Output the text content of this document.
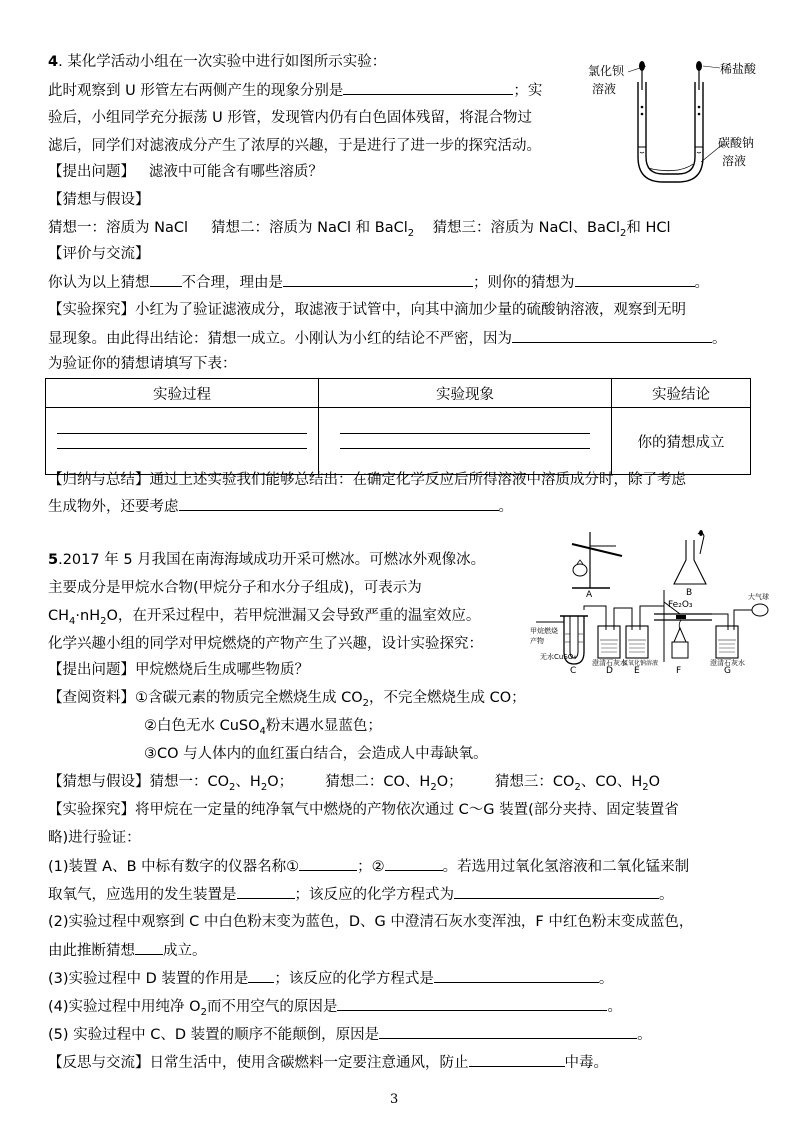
4. 某化学活动小组在一次实验中进行如图所示实验：
此时观察到 U 形管左右两侧产生的现象分别是	；实
验后，小组同学充分振荡 U 形管，发现管内仍有白色固体残留，将混合物过
滤后，同学们对滤液成分产生了浓厚的兴趣，于是进行了进一步的探究活动。
【提出问题】 滤液中可能含有哪些溶质？
【猜想与假设】
猜想一：溶质为 NaCl 猜想二：溶质为 NaCl 和 BaCl$_2$ 猜想三：溶质为 NaCl、BaCl$_2$和 HCl
【评价与交流】
你认为以上猜想 不合理，理由是	；则你的猜想为	。
【实验探究】小红为了验证滤液成分，取滤液于试管中，向其中滴加少量的硫酸钠溶液，观察到无明
显现象。由此得出结论：猜想一成立。小刚认为小红的结论不严密，因为	。
为验证你的猜想请填写下表：
实验过程	实验现象	实验结论

	你的猜想成立
【归纳与总结】通过上述实验我们能够总结出：在确定化学反应后所得溶液中溶质成分时，除了考虑
生成物外，还要考虑	。
氯化钡
溶液
稀盐酸
碳酸钠
溶液
5.2017 年 5 月我国在南海海域成功开采可燃冰。可燃冰外观像冰。
主要成分是甲烷水合物(甲烷分子和水分子组成)，可表示为
$CH_4\cdot nH_2O$，在开采过程中，若甲烷泄漏又会导致严重的温室效应。
化学兴趣小组的同学对甲烷燃烧的产物产生了兴趣，设计实验探究：
【提出问题】甲烷燃烧后生成哪些物质？
【查阅资料】①含碳元素的物质完全燃烧生成 $CO_2$，不完全燃烧生成 CO；
②白色无水 CuSO$_4$粉末遇水显蓝色；
③CO 与人体内的血红蛋白结合，会造成人中毒缺氧。
【猜想与假设】猜想一：$CO_2$、$H_2O$； 猜想二：CO、$H_2O$； 猜想三：$CO_2$、CO、$H_2O$
【实验探究】将甲烷在一定量的纯净氧气中燃烧的产物依次通过 C～G 装置(部分夹持、固定装置省
略)进行验证：
(1)装置 A、B 中标有数字的仪器名称①	；②	。若选用过氧化氢溶液和二氧化锰来制
取氧气，应选用的发生装置是	；该反应的化学方程式为	。
(2)实验过程中观察到 C 中白色粉末变为蓝色，D、G 中澄清石灰水变浑浊，F 中红色粉末变成蓝色，
由此推断猜想 成立。
(3)实验过程中 D 装置的作用是 ；该反应的化学方程式是	。
(4)实验过程中用纯净 $O_2$而不用空气的原因是	。
(5) 实验过程中 C、D 装置的顺序不能颠倒，原因是	。
【反思与交流】日常生活中，使用含碳燃料一定要注意通风，防止	中毒。
A	B
C	D E	F	G
Fe₂O₃
无水CuSO₄
澄清石灰水
氢氧化钠溶液	澄清石灰水
甲烷燃烧产物
大气球
3
